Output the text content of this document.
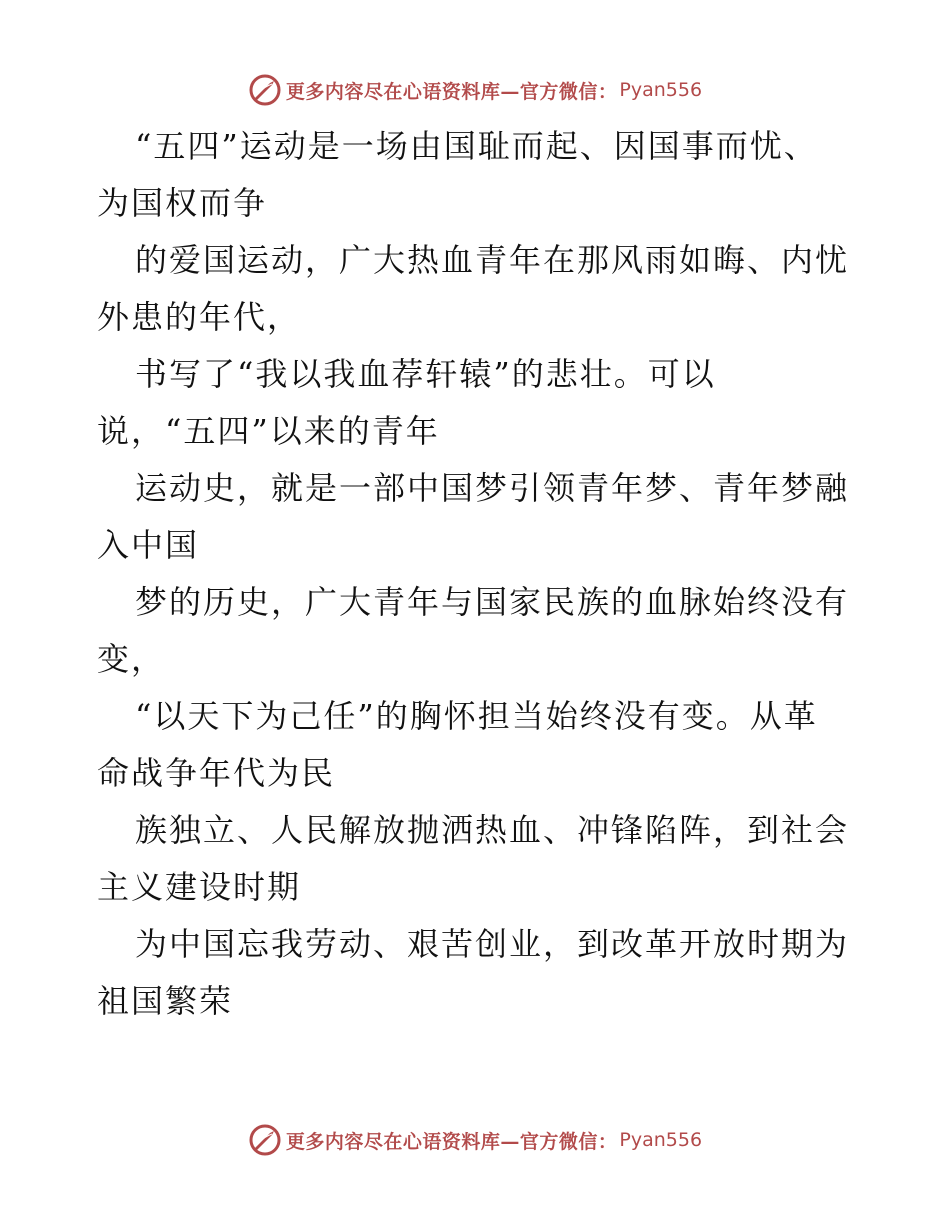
更多内容尽在心语资料库—官方微信： Pyan556

“五四”运动是一场由国耻而起、因国事而忧、
为国权而争
的爱国运动，广大热血青年在那风雨如晦、内忧
外患的年代，
书写了“我以我血荐轩辕”的悲壮。可以
说，“五四”以来的青年
运动史，就是一部中国梦引领青年梦、青年梦融
入中国
梦的历史，广大青年与国家民族的血脉始终没有
变，
“以天下为己任”的胸怀担当始终没有变。从革
命战争年代为民
族独立、人民解放抛洒热血、冲锋陷阵，到社会
主义建设时期
为中国忘我劳动、艰苦创业，到改革开放时期为
祖国繁荣

更多内容尽在心语资料库—官方微信： Pyan556
